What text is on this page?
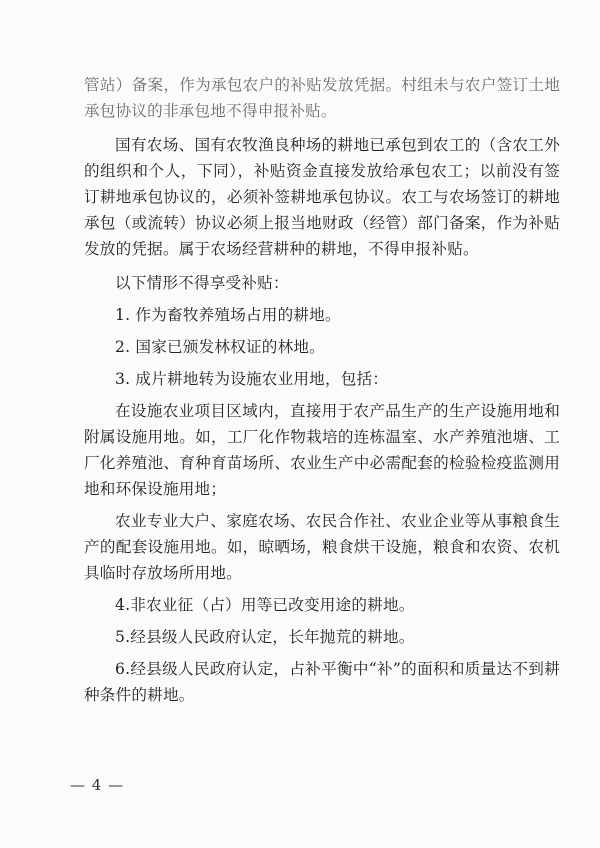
管站）备案，作为承包农户的补贴发放凭据。村组未与农户签订土地承包协议的非承包地不得申报补贴。

国有农场、国有农牧渔良种场的耕地已承包到农工的（含农工外的组织和个人，下同），补贴资金直接发放给承包农工；以前没有签订耕地承包协议的，必须补签耕地承包协议。农工与农场签订的耕地承包（或流转）协议必须上报当地财政（经管）部门备案，作为补贴发放的凭据。属于农场经营耕种的耕地，不得申报补贴。

以下情形不得享受补贴：

1. 作为畜牧养殖场占用的耕地。

2. 国家已颁发林权证的林地。

3. 成片耕地转为设施农业用地，包括：

在设施农业项目区域内，直接用于农产品生产的生产设施用地和附属设施用地。如，工厂化作物栽培的连栋温室、水产养殖池塘、工厂化养殖池、育种育苗场所、农业生产中必需配套的检验检疫监测用地和环保设施用地；

农业专业大户、家庭农场、农民合作社、农业企业等从事粮食生产的配套设施用地。如，晾晒场，粮食烘干设施，粮食和农资、农机具临时存放场所用地。

4.非农业征（占）用等已改变用途的耕地。

5.经县级人民政府认定，长年抛荒的耕地。

6.经县级人民政府认定，占补平衡中“补”的面积和质量达不到耕种条件的耕地。

— 4 —
